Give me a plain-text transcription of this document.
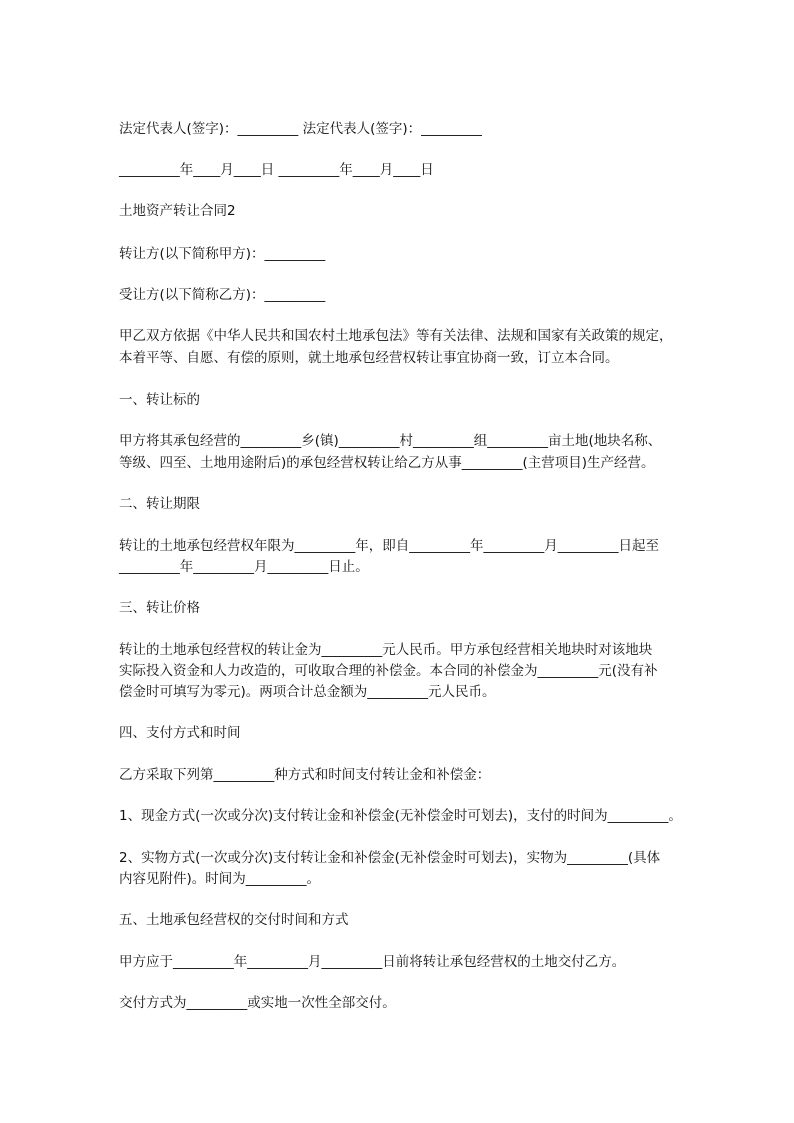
法定代表人(签字)：_________ 法定代表人(签字)：_________
_________年____月____日 _________年____月____日
土地资产转让合同2
转让方(以下简称甲方)：_________
受让方(以下简称乙方)：_________
甲乙双方依据《中华人民共和国农村土地承包法》等有关法律、法规和国家有关政策的规定，
本着平等、自愿、有偿的原则，就土地承包经营权转让事宜协商一致，订立本合同。
一、转让标的
甲方将其承包经营的_________乡(镇)_________村_________组_________亩土地(地块名称、
等级、四至、土地用途附后)的承包经营权转让给乙方从事_________(主营项目)生产经营。
二、转让期限
转让的土地承包经营权年限为_________年，即自_________年_________月_________日起至
_________年_________月_________日止。
三、转让价格
转让的土地承包经营权的转让金为_________元人民币。甲方承包经营相关地块时对该地块
实际投入资金和人力改造的，可收取合理的补偿金。本合同的补偿金为_________元(没有补
偿金时可填写为零元)。两项合计总金额为_________元人民币。
四、支付方式和时间
乙方采取下列第_________种方式和时间支付转让金和补偿金：
1、现金方式(一次或分次)支付转让金和补偿金(无补偿金时可划去)，支付的时间为_________。
2、实物方式(一次或分次)支付转让金和补偿金(无补偿金时可划去)，实物为_________(具体
内容见附件)。时间为_________。
五、土地承包经营权的交付时间和方式
甲方应于_________年_________月_________日前将转让承包经营权的土地交付乙方。
交付方式为_________或实地一次性全部交付。
